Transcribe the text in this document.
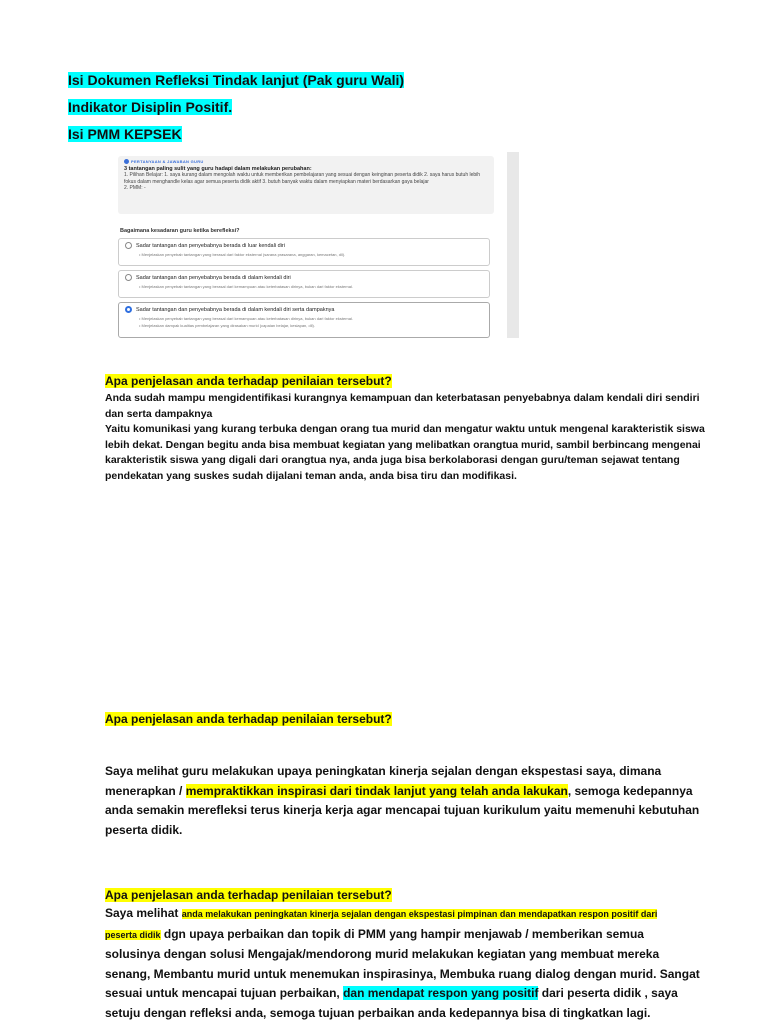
Isi Dokumen Refleksi Tindak lanjut (Pak guru Wali)
Indikator Disiplin Positif.
Isi PMM KEPSEK
PERTANYAAN & JAWABAN GURU
3 tantangan paling sulit yang guru hadapi dalam melakukan perubahan:
1. Pilihan Belajar: 1. saya kurang dalam mengolah waktu untuk memberikan pembelajaran yang sesuai dengan keinginan peserta didik 2. saya harus butuh lebih fokus dalam menghandle kelas agar semua peserta didik aktif 3. butuh banyak waktu dalam menyiapkan materi berdasarkan gaya belajar
2. PMM: -
Bagaimana kesadaran guru ketika berefleksi?
Sadar tantangan dan penyebabnya berada di luar kendali diri
• Menjelaskan penyebab tantangan yang berasal dari faktor eksternal (sarana prasarana, anggaran, kemacetan, dll).
Sadar tantangan dan penyebabnya berada di dalam kendali diri
• Menjelaskan penyebab tantangan yang berasal dari kemampuan atau keterbatasan dirinya, bukan dari faktor eksternal.
Sadar tantangan dan penyebabnya berada di dalam kendali diri serta dampaknya
• Menjelaskan penyebab tantangan yang berasal dari kemampuan atau keterbatasan dirinya, bukan dari faktor eksternal.
• Menjelaskan dampak kualitas pembelajaran yang dirasakan murid (capaian belajar, kesiapan, dll).
Apa penjelasan anda terhadap penilaian tersebut?
Anda sudah mampu mengidentifikasi kurangnya kemampuan dan keterbatasan penyebabnya dalam kendali diri sendiri
dan serta dampaknya
Yaitu komunikasi yang kurang terbuka dengan orang tua murid dan mengatur waktu untuk mengenal karakteristik siswa
lebih dekat. Dengan begitu anda bisa membuat kegiatan yang melibatkan orangtua murid, sambil berbincang mengenai
karakteristik siswa yang digali dari orangtua nya, anda juga bisa berkolaborasi dengan guru/teman sejawat tentang
pendekatan yang suskes sudah dijalani teman anda, anda bisa tiru dan modifikasi.
Apa penjelasan anda terhadap penilaian tersebut?
Saya melihat guru melakukan upaya peningkatan kinerja sejalan dengan ekspestasi saya, dimana
menerapkan / mempraktikkan inspirasi dari tindak lanjut yang telah anda lakukan, semoga kedepannya
anda semakin merefleksi terus kinerja kerja agar mencapai tujuan kurikulum yaitu memenuhi kebutuhan
peserta didik.
Apa penjelasan anda terhadap penilaian tersebut?
Saya melihat anda melakukan peningkatan kinerja sejalan dengan ekspestasi pimpinan dan mendapatkan respon positif dari
peserta didik dgn upaya perbaikan dan topik di PMM yang hampir menjawab / memberikan semua
solusinya dengan solusi Mengajak/mendorong murid melakukan kegiatan yang membuat mereka
senang, Membantu murid untuk menemukan inspirasinya, Membuka ruang dialog dengan murid. Sangat
sesuai untuk mencapai tujuan perbaikan, dan mendapat respon yang positif dari peserta didik , saya
setuju dengan refleksi anda, semoga tujuan perbaikan anda kedepannya bisa di tingkatkan lagi.
